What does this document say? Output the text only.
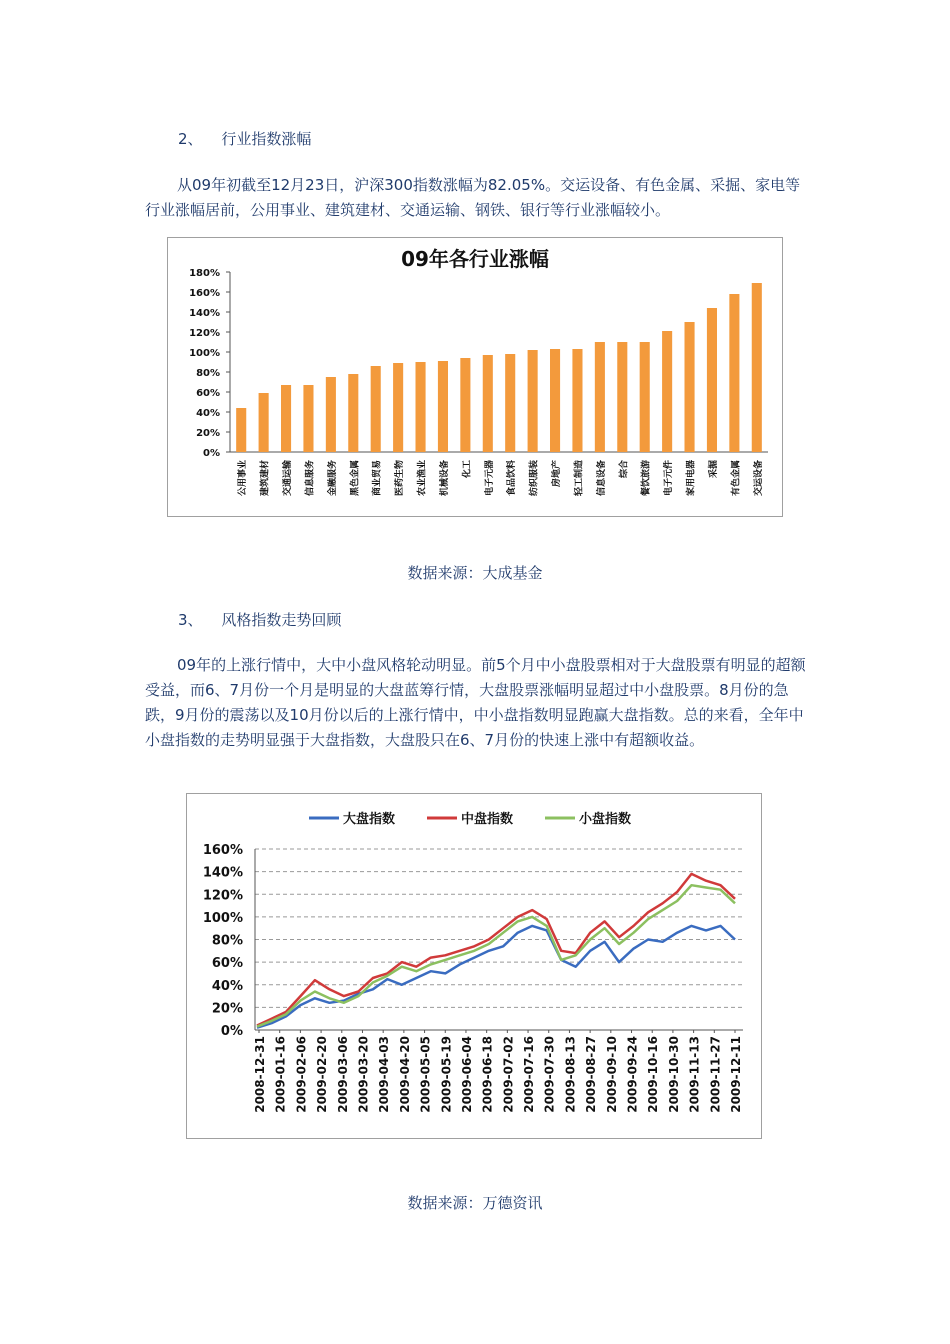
2、 行业指数涨幅
从09年初截至12月23日，沪深300指数涨幅为82.05%。交运设备、有色金属、采掘、家电等行业涨幅居前，公用事业、建筑建材、交通运输、钢铁、银行等行业涨幅较小。
09年各行业涨幅
0%
20%
40%
60%
80%
100%
120%
140%
160%
180%
公用事业 建筑建材 交通运输 信息服务 金融服务 黑色金属 商业贸易 医药生物 农业渔业 机械设备 化工 电子元器 食品饮料 纺织服装 房地产 轻工制造 信息设备 综合 餐饮旅游 电子元件 家用电器 采掘 有色金属 交运设备
数据来源：大成基金
3、 风格指数走势回顾
09年的上涨行情中，大中小盘风格轮动明显。前5个月中小盘股票相对于大盘股票有明显的超额受益，而6、7月份一个月是明显的大盘蓝筹行情，大盘股票涨幅明显超过中小盘股票。8月份的急跌，9月份的震荡以及10月份以后的上涨行情中，中小盘指数明显跑赢大盘指数。总的来看，全年中小盘指数的走势明显强于大盘指数，大盘股只在6、7月份的快速上涨中有超额收益。
大盘指数	中盘指数	小盘指数
0%
20%
40%
60%
80%
100%
120%
140%
160%
2008-12-31 2009-01-16 2009-02-06 2009-02-20 2009-03-06 2009-03-20 2009-04-03 2009-04-20 2009-05-05 2009-05-19 2009-06-04 2009-06-18 2009-07-02 2009-07-16 2009-07-30 2009-08-13 2009-08-27 2009-09-10 2009-09-24 2009-10-16 2009-10-30 2009-11-13 2009-11-27 2009-12-11
数据来源：万德资讯
